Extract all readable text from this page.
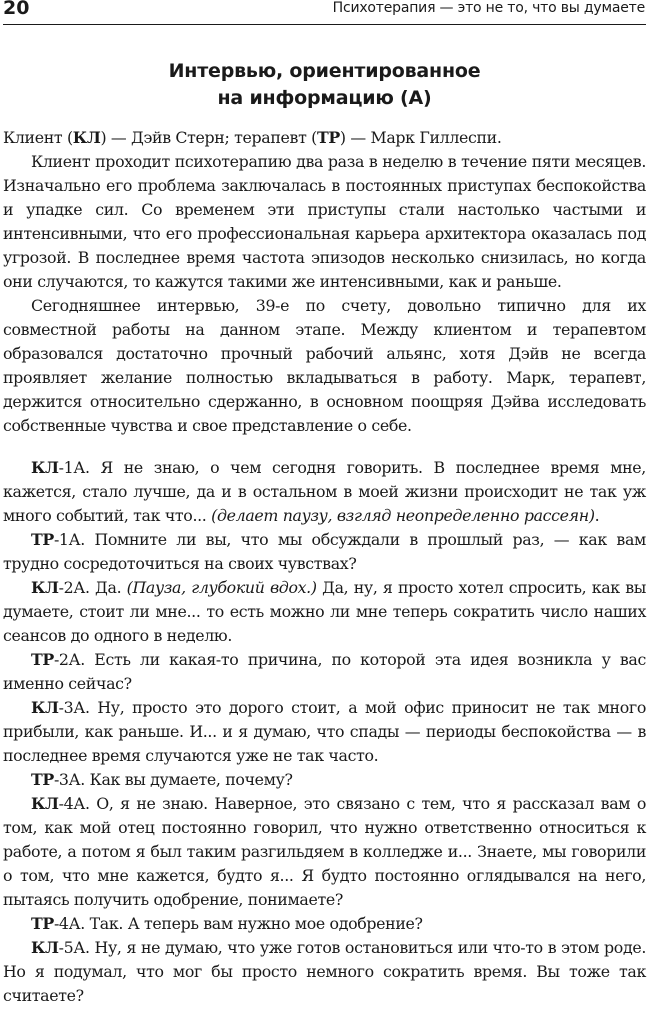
20	Психотерапия — это не то, что вы думаете
Интервью, ориентированное
на информацию (А)

Клиент (КЛ) — Дэйв Стерн; терапевт (ТР) — Марк Гиллеспи.

Клиент проходит психотерапию два раза в неделю в течение пяти месяцев. Изначально его проблема заключалась в постоянных приступах беспокойства и упадке сил. Со временем эти приступы стали настолько частыми и интенсивными, что его профессиональная карьера архитектора оказалась под угрозой. В последнее время частота эпизодов несколько снизилась, но когда они случаются, то кажутся такими же интенсивными, как и раньше.

Сегодняшнее интервью, 39-е по счету, довольно типично для их совместной работы на данном этапе. Между клиентом и терапевтом образовался достаточно прочный рабочий альянс, хотя Дэйв не всегда проявляет желание полностью вкладываться в работу. Марк, терапевт, держится относительно сдержанно, в основном поощряя Дэйва исследовать собственные чувства и свое представление о себе.

КЛ-1А. Я не знаю, о чем сегодня говорить. В последнее время мне, кажется, стало лучше, да и в остальном в моей жизни происходит не так уж много событий, так что... (делает паузу, взгляд неопределенно рассеян).

ТР-1А. Помните ли вы, что мы обсуждали в прошлый раз, — как вам трудно сосредоточиться на своих чувствах?

КЛ-2А. Да. (Пауза, глубокий вдох.) Да, ну, я просто хотел спросить, как вы думаете, стоит ли мне... то есть можно ли мне теперь сократить число наших сеансов до одного в неделю.

ТР-2А. Есть ли какая-то причина, по которой эта идея возникла у вас именно сейчас?

КЛ-3А. Ну, просто это дорого стоит, а мой офис приносит не так много прибыли, как раньше. И... и я думаю, что спады — периоды беспокойства — в последнее время случаются уже не так часто.

ТР-3А. Как вы думаете, почему?

КЛ-4А. О, я не знаю. Наверное, это связано с тем, что я рассказал вам о том, как мой отец постоянно говорил, что нужно ответственно относиться к работе, а потом я был таким разгильдяем в колледже и... Знаете, мы говорили о том, что мне кажется, будто я... Я будто постоянно оглядывался на него, пытаясь получить одобрение, понимаете?

ТР-4А. Так. А теперь вам нужно мое одобрение?

КЛ-5А. Ну, я не думаю, что уже готов остановиться или что-то в этом роде. Но я подумал, что мог бы просто немного сократить время. Вы тоже так считаете?
